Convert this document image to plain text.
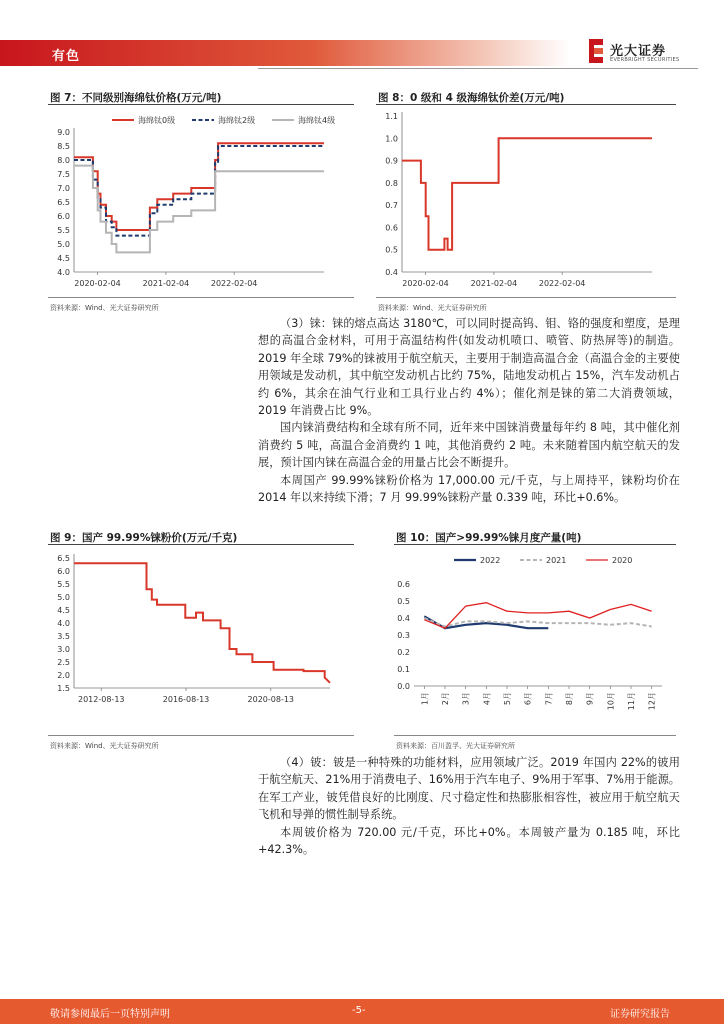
有色	光大证券
EVERBRIGHT SECURITIES
图 7：不同级别海绵钛价格(万元/吨)
4.0
4.5
5.0
5.5
6.0
6.5
7.0
7.5
8.0
8.5
9.0
2020-02-04	2021-02-04	2022-02-04
海绵钛0级	海绵钛2级	海绵钛4级
资料来源：Wind、光大证券研究所
图 8：0 级和 4 级海绵钛价差(万元/吨)
0.4
0.5
0.6
0.7
0.8
0.9
1.0
1.1
2020-02-04	2021-02-04	2022-02-04
资料来源：Wind、光大证券研究所

（3）铼：铼的熔点高达 3180℃，可以同时提高钨、钼、铬的强度和塑度，是理想的高温合金材料，可用于高温结构件(如发动机喷口、喷管、防热屏等)的制造。2019 年全球 79%的铼被用于航空航天，主要用于制造高温合金（高温合金的主要使用领域是发动机，其中航空发动机占比约 75%，陆地发动机占 15%，汽车发动机占约 6%，其余在油气行业和工具行业占约 4%）；催化剂是铼的第二大消费领域，2019 年消费占比 9%。

国内铼消费结构和全球有所不同，近年来中国铼消费量每年约 8 吨，其中催化剂消费约 5 吨，高温合金消费约 1 吨，其他消费约 2 吨。未来随着国内航空航天的发展，预计国内铼在高温合金的用量占比会不断提升。

本周国产 99.99%铼粉价格为 17,000.00 元/千克，与上周持平，铼粉均价在 2014 年以来持续下滑；7 月 99.99%铼粉产量 0.339 吨，环比+0.6%。

图 9：国产 99.99%铼粉价(万元/千克)
1.5
2.0
2.5
3.0
3.5
4.0
4.5
5.0
5.5
6.0
6.5
2012-08-13	2016-08-13	2020-08-13
资料来源：Wind、光大证券研究所
图 10：国产>99.99%铼月度产量(吨)
0.0
0.1
0.2
0.3
0.4
0.5
0.6
1月 2月 3月 4月 5月 6月 7月 8月 9月 10月 11月 12月
2022	2021	2020
资料来源：百川盈孚、光大证券研究所

（4）铍：铍是一种特殊的功能材料，应用领域广泛。2019 年国内 22%的铍用于航空航天、21%用于消费电子、16%用于汽车电子、9%用于军事、7%用于能源。在军工产业，铍凭借良好的比刚度、尺寸稳定性和热膨胀相容性，被应用于航空航天飞机和导弹的惯性制导系统。

本周铍价格为 720.00 元/千克，环比+0%。本周铍产量为 0.185 吨，环比+42.3%。

敬请参阅最后一页特别声明	-5-	证券研究报告
